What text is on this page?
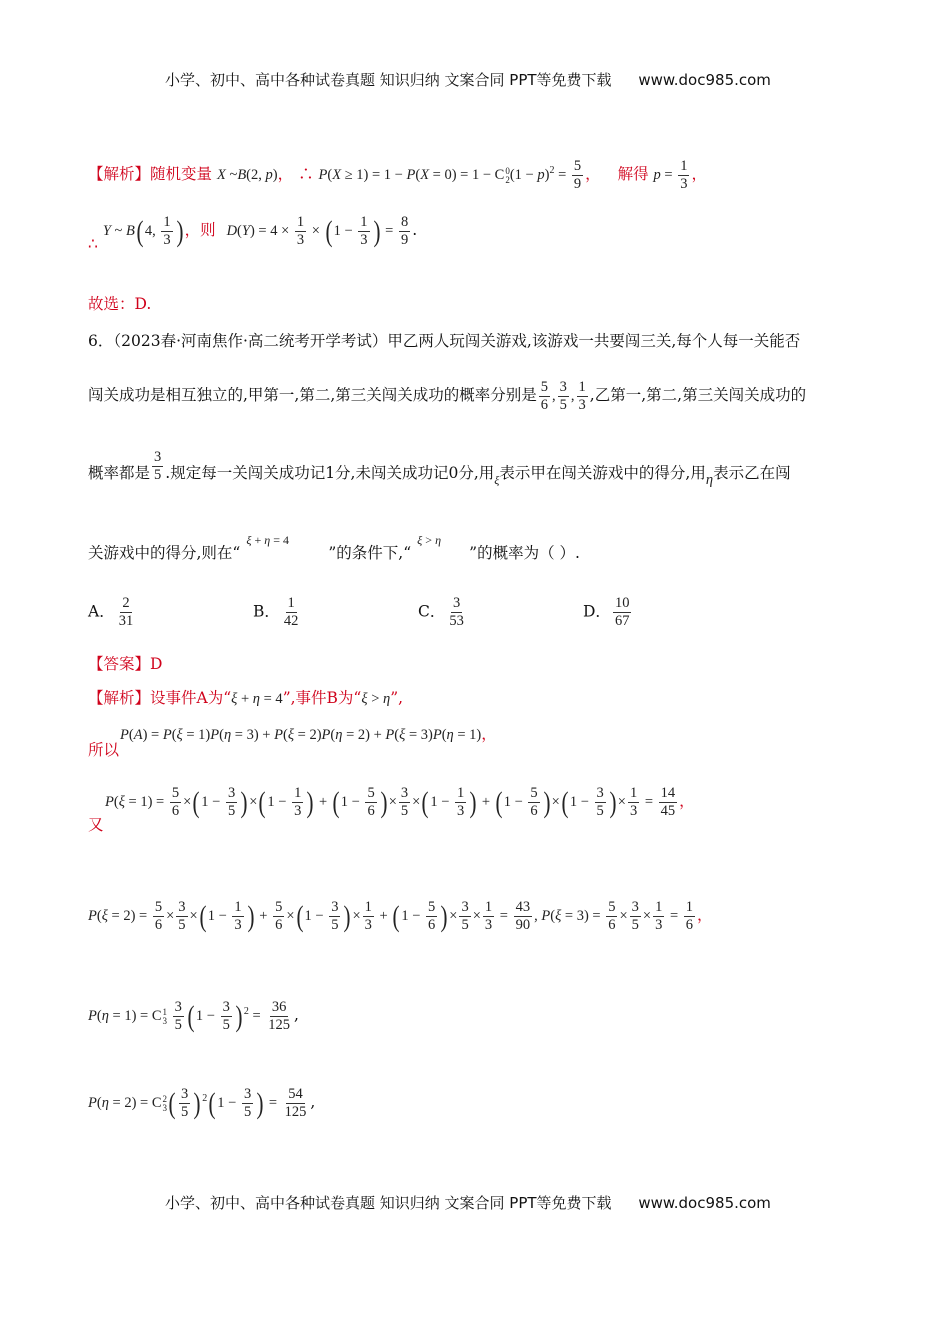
小学、初中、高中各种试卷真题 知识归纳 文案合同 PPT等免费下载 www.doc985.com
【解析】随机变量 X ~B(2, p)， ∴ P(X ≥ 1) = 1 − P(X = 0) = 1 − C 0
2 $(1 - p)^2 = \frac{5}{9}$ ， 解得 $p = \frac{1}{3}$ ，
∴ Y ~ B( 4, $\frac{1}{3}$ )，则 $D(Y) = 4 \times \frac{1}{3}$ × ( $1 - \frac{1}{3}$ ) = $\frac{8}{9}$ .
故选：D.
6．（2023春·河南焦作·高二统考开学考试）甲乙两人玩闯关游戏,该游戏一共要闯三关,每个人每一关能否
闯关成功是相互独立的,甲第一,第二,第三关闯关成功的概率分别是 $\frac{5}{6}$ , $\frac{3}{5}$ , $\frac{1}{3}$ ,乙第一,第二,第三关闯关成功的
概率都是 $\frac{3}{5}$ .规定每一关闯关成功记1分,未闯关成功记0分,用$_\xi$表示甲在闯关游戏中的得分,用η表示乙在闯
关游戏中的得分,则在“  ξ + η = 4”的条件下,“  ξ > η”的概率为（ ）.
A． $\frac{2}{31}$	B． $\frac{1}{42}$	C． $\frac{3}{53}$	D． $\frac{10}{67}$
【答案】D
【解析】设事件A为“ξ + η = 4”,事件B为“ξ > η”,
P(A) = P(ξ = 1)P(η = 3) + P(ξ = 2)P(η = 2) + P(ξ = 3)P(η = 1)，
所以
$P(\xi = 1) = \frac{5}{6}$ ×( $1 - \frac{3}{5}$ ) ×( $1 - \frac{1}{3}$ ) + ( $1 - \frac{5}{6}$ ) × $\frac{3}{5}$ ×( $1 - \frac{1}{3}$ ) + ( $1 - \frac{5}{6}$ ) ×( $1 - \frac{3}{5}$ ) × $\frac{1}{3} = \frac{14}{45}$ ，
又
$P(\xi = 2) = \frac{5}{6} \times \frac{3}{5}$ ×( $1 - \frac{1}{3}$ ) + $\frac{5}{6}$ ×( $1 - \frac{3}{5}$ ) × $\frac{1}{3}$ + ( $1 - \frac{5}{6}$ ) × $\frac{3}{5} \times \frac{1}{3} = \frac{43}{90}$ , $P(\xi = 3) = \frac{5}{6} \times \frac{3}{5} \times \frac{1}{3} = \frac{1}{6}$ ，
P(η = 1) = C 1
3
$\frac{3}{5}$ ( $1 - \frac{3}{5}$ ) $^2 = \frac{36}{125}$ ,
P(η = 2) = C 2
3 ( $\frac{3}{5}$ ) $^2$( $1 - \frac{3}{5}$ ) = $\frac{54}{125}$ ,
小学、初中、高中各种试卷真题 知识归纳 文案合同 PPT等免费下载 www.doc985.com
